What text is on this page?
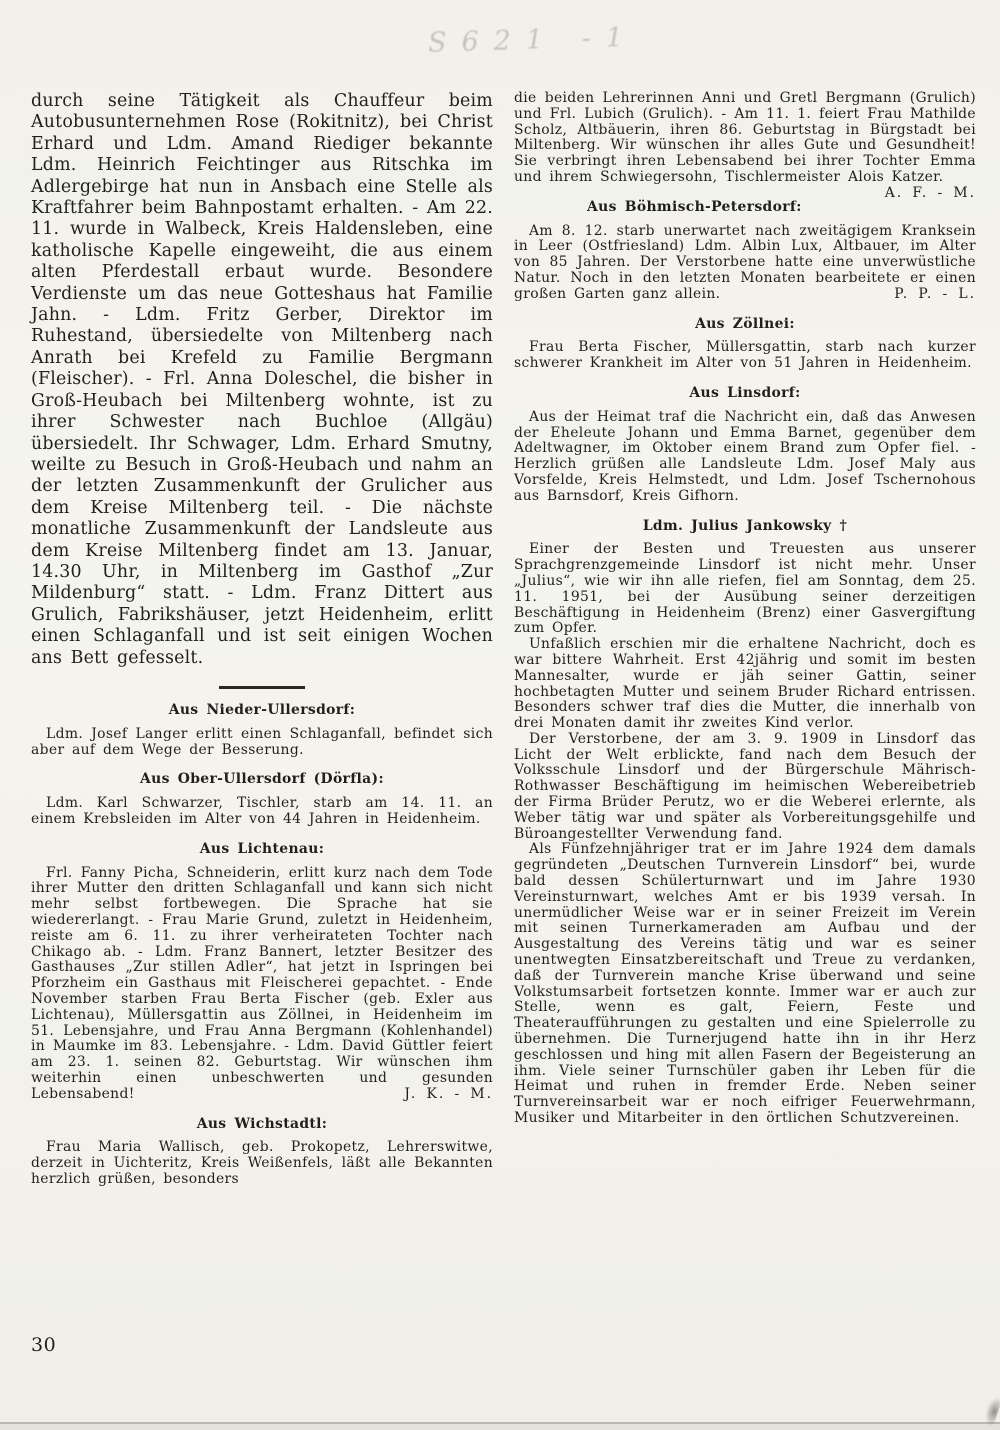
S621 -1

durch seine Tätigkeit als Chauffeur beim Autobusunternehmen Rose (Rokitnitz), bei Christ Erhard und Ldm. Amand Riediger bekannte Ldm. Heinrich Feichtinger aus Ritschka im Adlergebirge hat nun in Ansbach eine Stelle als Kraftfahrer beim Bahnpostamt erhalten. - Am 22. 11. wurde in Walbeck, Kreis Haldensleben, eine katholische Kapelle eingeweiht, die aus einem alten Pferdestall erbaut wurde. Besondere Verdienste um das neue Gotteshaus hat Familie Jahn. - Ldm. Fritz Gerber, Direktor im Ruhestand, übersiedelte von Miltenberg nach Anrath bei Krefeld zu Familie Bergmann (Fleischer). - Frl. Anna Doleschel, die bisher in Groß-Heubach bei Miltenberg wohnte, ist zu ihrer Schwester nach Buchloe (Allgäu) übersiedelt. Ihr Schwager, Ldm. Erhard Smutny, weilte zu Besuch in Groß-Heubach und nahm an der letzten Zusammenkunft der Grulicher aus dem Kreise Miltenberg teil. - Die nächste monatliche Zusammenkunft der Landsleute aus dem Kreise Miltenberg findet am 13. Januar, 14.30 Uhr, in Miltenberg im Gasthof „Zur Mildenburg“ statt. - Ldm. Franz Dittert aus Grulich, Fabrikshäuser, jetzt Heidenheim, erlitt einen Schlaganfall und ist seit einigen Wochen ans Bett gefesselt.

Aus Nieder-Ullersdorf:

Ldm. Josef Langer erlitt einen Schlaganfall, befindet sich aber auf dem Wege der Besserung.

Aus Ober-Ullersdorf (Dörfla):

Ldm. Karl Schwarzer, Tischler, starb am 14. 11. an einem Krebsleiden im Alter von 44 Jahren in Heidenheim.

Aus Lichtenau:

Frl. Fanny Picha, Schneiderin, erlitt kurz nach dem Tode ihrer Mutter den dritten Schlaganfall und kann sich nicht mehr selbst fortbewegen. Die Sprache hat sie wiedererlangt. - Frau Marie Grund, zuletzt in Heidenheim, reiste am 6. 11. zu ihrer verheirateten Tochter nach Chikago ab. - Ldm. Franz Bannert, letzter Besitzer des Gasthauses „Zur stillen Adler“, hat jetzt in Ispringen bei Pforzheim ein Gasthaus mit Fleischerei gepachtet. - Ende November starben Frau Berta Fischer (geb. Exler aus Lichtenau), Müllersgattin aus Zöllnei, in Heidenheim im 51. Lebensjahre, und Frau Anna Bergmann (Kohlenhandel) in Maumke im 83. Lebensjahre. - Ldm. David Güttler feiert am 23. 1. seinen 82. Geburtstag. Wir wünschen ihm weiterhin einen unbeschwerten und gesunden Lebensabend!	J. K. - M.

Aus Wichstadtl:

Frau Maria Wallisch, geb. Prokopetz, Lehrerswitwe, derzeit in Uichteritz, Kreis Weißenfels, läßt alle Bekannten herzlich grüßen, besonders

die beiden Lehrerinnen Anni und Gretl Bergmann (Grulich) und Frl. Lubich (Grulich). - Am 11. 1. feiert Frau Mathilde Scholz, Altbäuerin, ihren 86. Geburtstag in Bürgstadt bei Miltenberg. Wir wünschen ihr alles Gute und Gesundheit! Sie verbringt ihren Lebensabend bei ihrer Tochter Emma und ihrem Schwiegersohn, Tischlermeister Alois Katzer.
A. F. - M.

Aus Böhmisch-Petersdorf:

Am 8. 12. starb unerwartet nach zweitägigem Kranksein in Leer (Ostfriesland) Ldm. Albin Lux, Altbauer, im Alter von 85 Jahren. Der Verstorbene hatte eine unverwüstliche Natur. Noch in den letzten Monaten bearbeitete er einen großen Garten ganz allein.	P. P. - L.

Aus Zöllnei:

Frau Berta Fischer, Müllersgattin, starb nach kurzer schwerer Krankheit im Alter von 51 Jahren in Heidenheim.

Aus Linsdorf:

Aus der Heimat traf die Nachricht ein, daß das Anwesen der Eheleute Johann und Emma Barnet, gegenüber dem Adeltwagner, im Oktober einem Brand zum Opfer fiel. - Herzlich grüßen alle Landsleute Ldm. Josef Maly aus Vorsfelde, Kreis Helmstedt, und Ldm. Josef Tschernohous aus Barnsdorf, Kreis Gifhorn.

Ldm. Julius Jankowsky †

Einer der Besten und Treuesten aus unserer Sprachgrenzgemeinde Linsdorf ist nicht mehr. Unser „Julius“, wie wir ihn alle riefen, fiel am Sonntag, dem 25. 11. 1951, bei der Ausübung seiner derzeitigen Beschäftigung in Heidenheim (Brenz) einer Gasvergiftung zum Opfer.

Unfaßlich erschien mir die erhaltene Nachricht, doch es war bittere Wahrheit. Erst 42jährig und somit im besten Mannesalter, wurde er jäh seiner Gattin, seiner hochbetagten Mutter und seinem Bruder Richard entrissen. Besonders schwer traf dies die Mutter, die innerhalb von drei Monaten damit ihr zweites Kind verlor.

Der Verstorbene, der am 3. 9. 1909 in Linsdorf das Licht der Welt erblickte, fand nach dem Besuch der Volksschule Linsdorf und der Bürgerschule Mährisch-Rothwasser Beschäftigung im heimischen Webereibetrieb der Firma Brüder Perutz, wo er die Weberei erlernte, als Weber tätig war und später als Vorbereitungsgehilfe und Büroangestellter Verwendung fand.

Als Fünfzehnjähriger trat er im Jahre 1924 dem damals gegründeten „Deutschen Turnverein Linsdorf“ bei, wurde bald dessen Schülerturnwart und im Jahre 1930 Vereinsturnwart, welches Amt er bis 1939 versah. In unermüdlicher Weise war er in seiner Freizeit im Verein mit seinen Turnerkameraden am Aufbau und der Ausgestaltung des Vereins tätig und war es seiner unentwegten Einsatzbereitschaft und Treue zu verdanken, daß der Turnverein manche Krise überwand und seine Volkstumsarbeit fortsetzen konnte. Immer war er auch zur Stelle, wenn es galt, Feiern, Feste und Theateraufführungen zu gestalten und eine Spielerrolle zu übernehmen. Die Turnerjugend hatte ihn in ihr Herz geschlossen und hing mit allen Fasern der Begeisterung an ihm. Viele seiner Turnschüler gaben ihr Leben für die Heimat und ruhen in fremder Erde. Neben seiner Turnvereinsarbeit war er noch eifriger Feuerwehrmann, Musiker und Mitarbeiter in den örtlichen Schutzvereinen.

30
